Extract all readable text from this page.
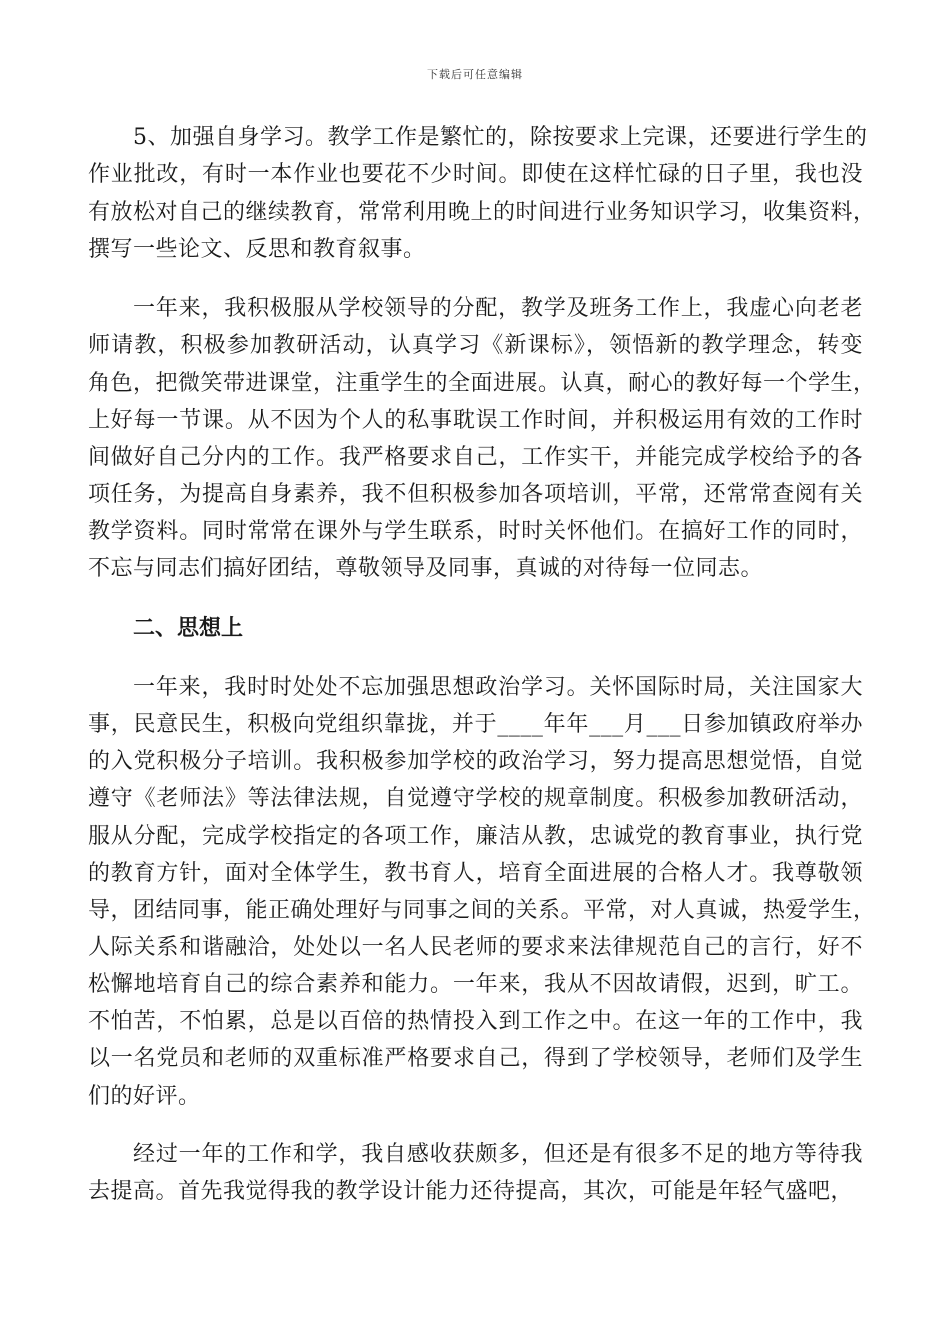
下载后可任意编辑
5、加强自身学习。教学工作是繁忙的，除按要求上完课，还要进行学生的
作业批改，有时一本作业也要花不少时间。即使在这样忙碌的日子里，我也没
有放松对自己的继续教育，常常利用晚上的时间进行业务知识学习，收集资料，
撰写一些论文、反思和教育叙事。
一年来，我积极服从学校领导的分配，教学及班务工作上，我虚心向老老
师请教，积极参加教研活动，认真学习《新课标》，领悟新的教学理念，转变
角色，把微笑带进课堂，注重学生的全面进展。认真，耐心的教好每一个学生，
上好每一节课。从不因为个人的私事耽误工作时间，并积极运用有效的工作时
间做好自己分内的工作。我严格要求自己，工作实干，并能完成学校给予的各
项任务，为提高自身素养，我不但积极参加各项培训，平常，还常常查阅有关
教学资料。同时常常在课外与学生联系，时时关怀他们。在搞好工作的同时，
不忘与同志们搞好团结，尊敬领导及同事，真诚的对待每一位同志。
二、思想上
一年来，我时时处处不忘加强思想政治学习。关怀国际时局，关注国家大
事，民意民生，积极向党组织靠拢，并于____年年___月___日参加镇政府举办
的入党积极分子培训。我积极参加学校的政治学习，努力提高思想觉悟，自觉
遵守《老师法》等法律法规，自觉遵守学校的规章制度。积极参加教研活动，
服从分配，完成学校指定的各项工作，廉洁从教，忠诚党的教育事业，执行党
的教育方针，面对全体学生，教书育人，培育全面进展的合格人才。我尊敬领
导，团结同事，能正确处理好与同事之间的关系。平常，对人真诚，热爱学生，
人际关系和谐融洽，处处以一名人民老师的要求来法律规范自己的言行，好不
松懈地培育自己的综合素养和能力。一年来，我从不因故请假，迟到，旷工。
不怕苦，不怕累，总是以百倍的热情投入到工作之中。在这一年的工作中，我
以一名党员和老师的双重标准严格要求自己，得到了学校领导，老师们及学生
们的好评。
经过一年的工作和学，我自感收获颇多，但还是有很多不足的地方等待我
去提高。首先我觉得我的教学设计能力还待提高，其次，可能是年轻气盛吧，
